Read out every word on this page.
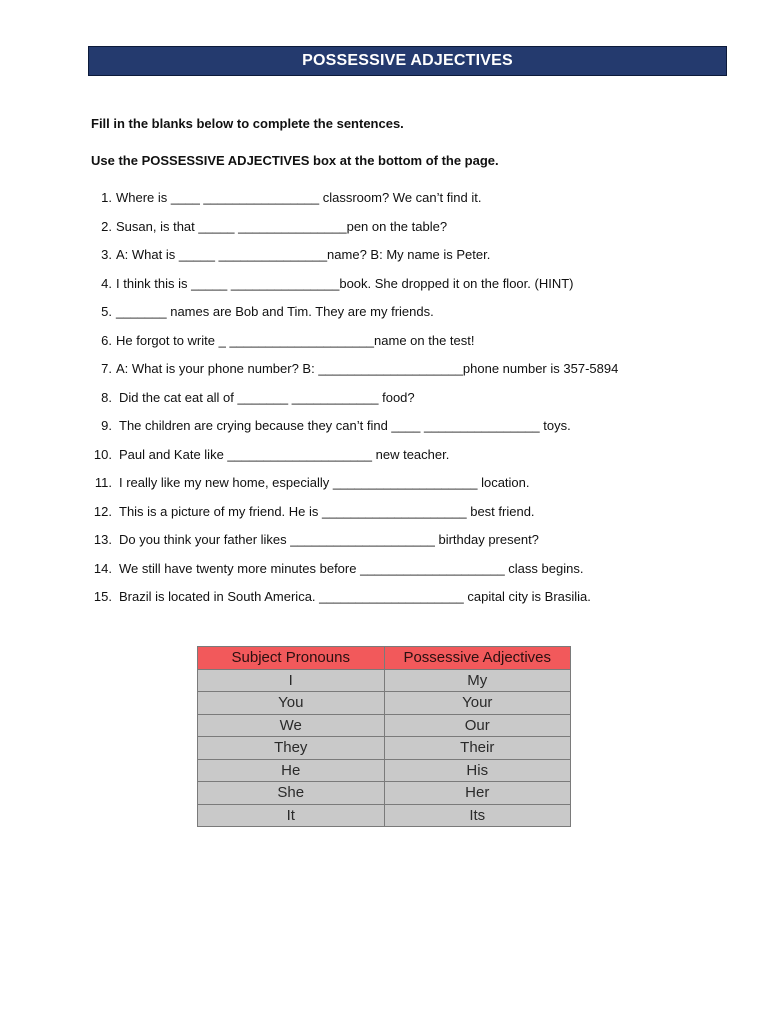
POSSESSIVE ADJECTIVES
Fill in the blanks below to complete the sentences.
Use the POSSESSIVE ADJECTIVES box at the bottom of the page.
1. Where is ____ ________________ classroom? We can’t find it.
2. Susan, is that _____ _______________pen on the table?
3. A: What is _____ _______________name? B: My name is Peter.
4. I think this is _____ _______________book. She dropped it on the floor. (HINT)
5. _______ names are Bob and Tim. They are my friends.
6. He forgot to write _ ____________________name on the test!
7. A: What is your phone number? B: ____________________phone number is 357-5894
8. Did the cat eat all of _______ ____________ food?
9. The children are crying because they can’t find ____ ________________ toys.
10. Paul and Kate like ____________________ new teacher.
11. I really like my new home, especially ____________________ location.
12. This is a picture of my friend. He is ____________________ best friend.
13. Do you think your father likes ____________________ birthday present?
14. We still have twenty more minutes before ____________________ class begins.
15. Brazil is located in South America. ____________________ capital city is Brasilia.
Subject Pronouns	Possessive Adjectives
I	My
You	Your
We	Our
They	Their
He	His
She	Her
It	Its
